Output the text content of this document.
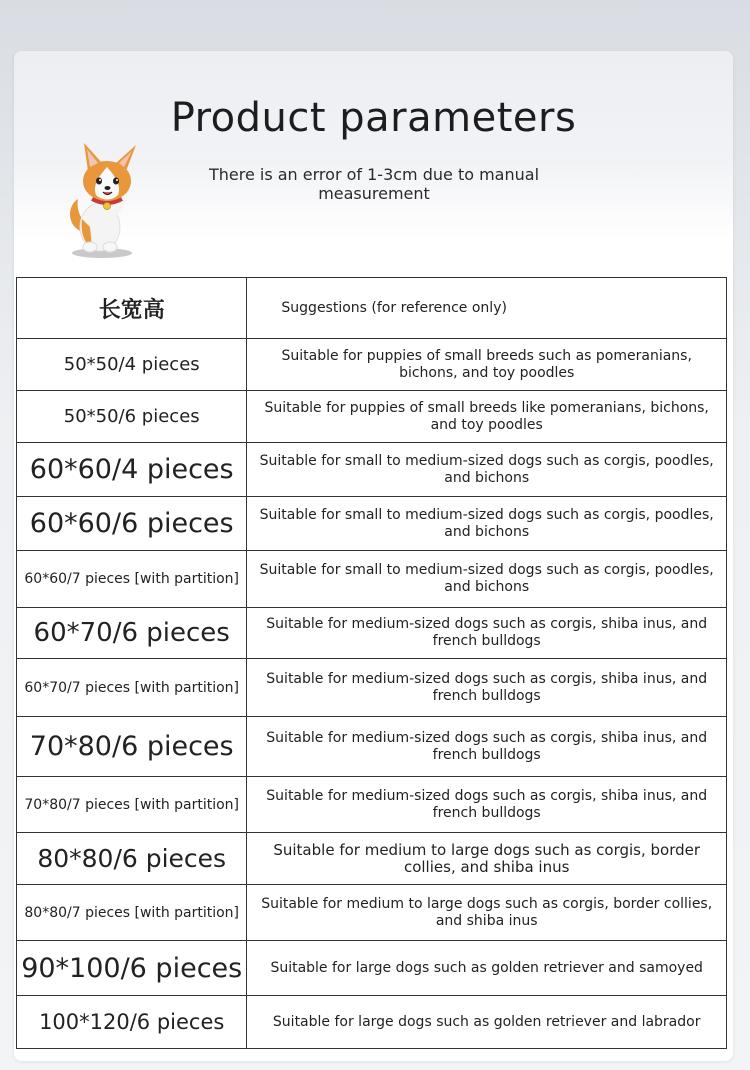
Product parameters
There is an error of 1-3cm due to manual measurement
长宽高	Suggestions (for reference only)
50*50/4 pieces	Suitable for puppies of small breeds such as pomeranians, bichons, and toy poodles
50*50/6 pieces	Suitable for puppies of small breeds like pomeranians, bichons, and toy poodles
60*60/4 pieces	Suitable for small to medium-sized dogs such as corgis, poodles, and bichons
60*60/6 pieces	Suitable for small to medium-sized dogs such as corgis, poodles, and bichons
60*60/7 pieces [with partition]	Suitable for small to medium-sized dogs such as corgis, poodles, and bichons
60*70/6 pieces	Suitable for medium-sized dogs such as corgis, shiba inus, and french bulldogs
60*70/7 pieces [with partition]	Suitable for medium-sized dogs such as corgis, shiba inus, and french bulldogs
70*80/6 pieces	Suitable for medium-sized dogs such as corgis, shiba inus, and french bulldogs
70*80/7 pieces [with partition]	Suitable for medium-sized dogs such as corgis, shiba inus, and french bulldogs
80*80/6 pieces	Suitable for medium to large dogs such as corgis, border collies, and shiba inus
80*80/7 pieces [with partition]	Suitable for medium to large dogs such as corgis, border collies, and shiba inus
90*100/6 pieces	Suitable for large dogs such as golden retriever and samoyed
100*120/6 pieces	Suitable for large dogs such as golden retriever and labrador
